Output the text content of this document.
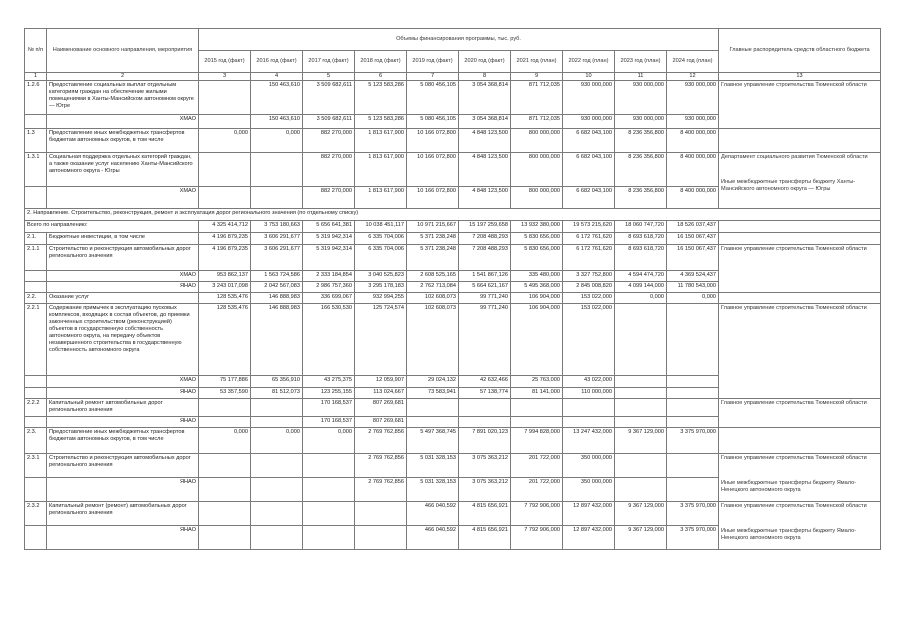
№ п/п	Наименование основного направления, мероприятия	Объемы финансирования программы, тыс. руб.										Главные распорядитель средств областного бюджета
		2015 год (факт)	2016 год (факт)	2017 год (факт)	2018 год (факт)	2019 год (факт)	2020 год (факт)	2021 год (план)	2022 год (план)	2023 год (план)	2024 год (план)	
1	2	3	4	5	6	7	8	9	10	11	12	13
1.2.6	Предоставление социальных выплат отдельным категориям граждан на обеспечение жилыми помещениями в Ханты-Мансийском автономном округе — Югре		150 463,610	3 509 682,611	5 123 583,286	5 080 456,105	3 054 368,814	871 712,035	930 000,000	930 000,000	930 000,000	Главное управление строительства Тюменской области

	ХМАО		150 463,610	3 509 682,611	5 123 583,286	5 080 456,105	3 054 368,814	871 712,035	930 000,000	930 000,000	930 000,000	
1.3	Предоставление иных межбюджетных трансфертов бюджетам автономных округов, в том числе	0,000	0,000	882 270,000	1 813 617,900	10 166 072,800	4 848 123,500	800 000,000	6 682 043,100	8 236 356,800	8 400 000,000	
1.3.1	Социальная поддержка отдельных категорий граждан, а также оказание услуг населению Ханты-Мансийского автономного округа - Югры			882 270,000	1 813 617,900	10 166 072,800	4 848 123,500	800 000,000	6 682 043,100	8 236 356,800	8 400 000,000	Департамент социального развития Тюменской области
Иные межбюджетные трансферты бюджету Ханты-Мансийского автономного округа — Югры

	ХМАО			882 270,000	1 813 617,900	10 166 072,800	4 848 123,500	800 000,000	6 682 043,100	8 236 356,800	8 400 000,000	
2. Направление. Строительство, реконструкция, ремонт и эксплуатация дорог регионального значения (по отдельному списку)												
Всего по направлению:		4 325 414,712	3 753 180,663	5 656 641,381	10 038 451,117	10 971 215,667	15 197 259,658	13 932 380,000	19 573 215,620	18 060 747,720	18 526 037,437	
2.1.	Бюджетные инвестиции, в том числе	4 196 879,235	3 606 291,677	5 319 942,314	6 335 704,006	5 371 238,248	7 208 488,293	5 830 656,000	6 172 761,620	8 693 618,720	16 150 067,437	
2.1.1	Строительство и реконструкция автомобильных дорог регионального значения	4 196 879,235	3 606 291,677	5 319 942,314	6 335 704,006	5 371 238,248	7 208 488,293	5 830 656,000	6 172 761,620	8 693 618,720	16 150 067,437	Главное управление строительства Тюменской области

	ХМАО	953 862,137	1 563 724,586	2 333 184,854	3 040 525,823	2 608 525,165	1 541 867,126	335 480,000	3 327 752,800	4 594 474,720	4 369 524,437	
	ЯНАО	3 243 017,098	2 042 567,083	2 986 757,360	3 295 178,183	2 762 713,084	5 664 621,167	5 495 368,000	2 845 008,820	4 099 144,000	11 780 543,000	
2.2.	Оказание услуг	128 535,476	146 888,983	336 699,067	932 994,255	102 608,073	99 771,240	106 904,000	153 022,000	0,000	0,000	
2.2.1	Содержание примычек в эксплуатацию пусковых комплексов, входящих в состав объектов, до приемки законченных строительством (реконструкцией) объектов в государственную собственность автономного округа, на передачу объектов незавершенного строительства в государственную собственность автономного округа	128 535,476	146 888,983	166 530,530	125 724,574	102 608,073	99 771,240	106 904,000	153 022,000			Главное управление строительства Тюменской области

	ХМАО	75 177,886	65 356,910	43 275,375	12 059,907	29 024,132	42 632,466	25 763,000	43 022,000			
	ЯНАО	53 357,590	81 512,073	123 255,155	113 024,667	73 583,941	57 138,774	81 141,000	110 000,000			
2.2.2	Капитальный ремонт автомобильных дорог регионального значения			170 168,537	807 269,681							Главное управление строительства Тюменской области

	ЯНАО			170 168,537	807 269,681							
2.3.	Предоставление иных межбюджетных трансфертов бюджетам автономных округов, в том числе	0,000	0,000	0,000	2 769 762,856	5 497 368,745	7 891 020,123	7 994 828,000	13 247 432,000	9 367 129,000	3 375 970,000	
2.3.1	Строительство и реконструкция автомобильных дорог регионального значения				2 769 762,856	5 031 328,153	3 075 363,212	201 722,000	350 000,000			Главное управление строительства Тюменской области
Иные межбюджетные трансферты бюджету Ямало-Ненецкого автономного округа

	ЯНАО				2 769 762,856	5 031 328,153	3 075 363,212	201 722,000	350 000,000			
2.3.2	Капитальный ремонт (ремонт) автомобильных дорог регионального значения					466 040,592	4 815 656,921	7 792 906,000	12 897 432,000	9 367 129,000	3 375 970,000	Главное управление строительства Тюменской области
Иные межбюджетные трансферты бюджету Ямало-Ненецкого автономного округа

	ЯНАО					466 040,592	4 815 656,921	7 792 906,000	12 897 432,000	9 367 129,000	3 375 970,000	
